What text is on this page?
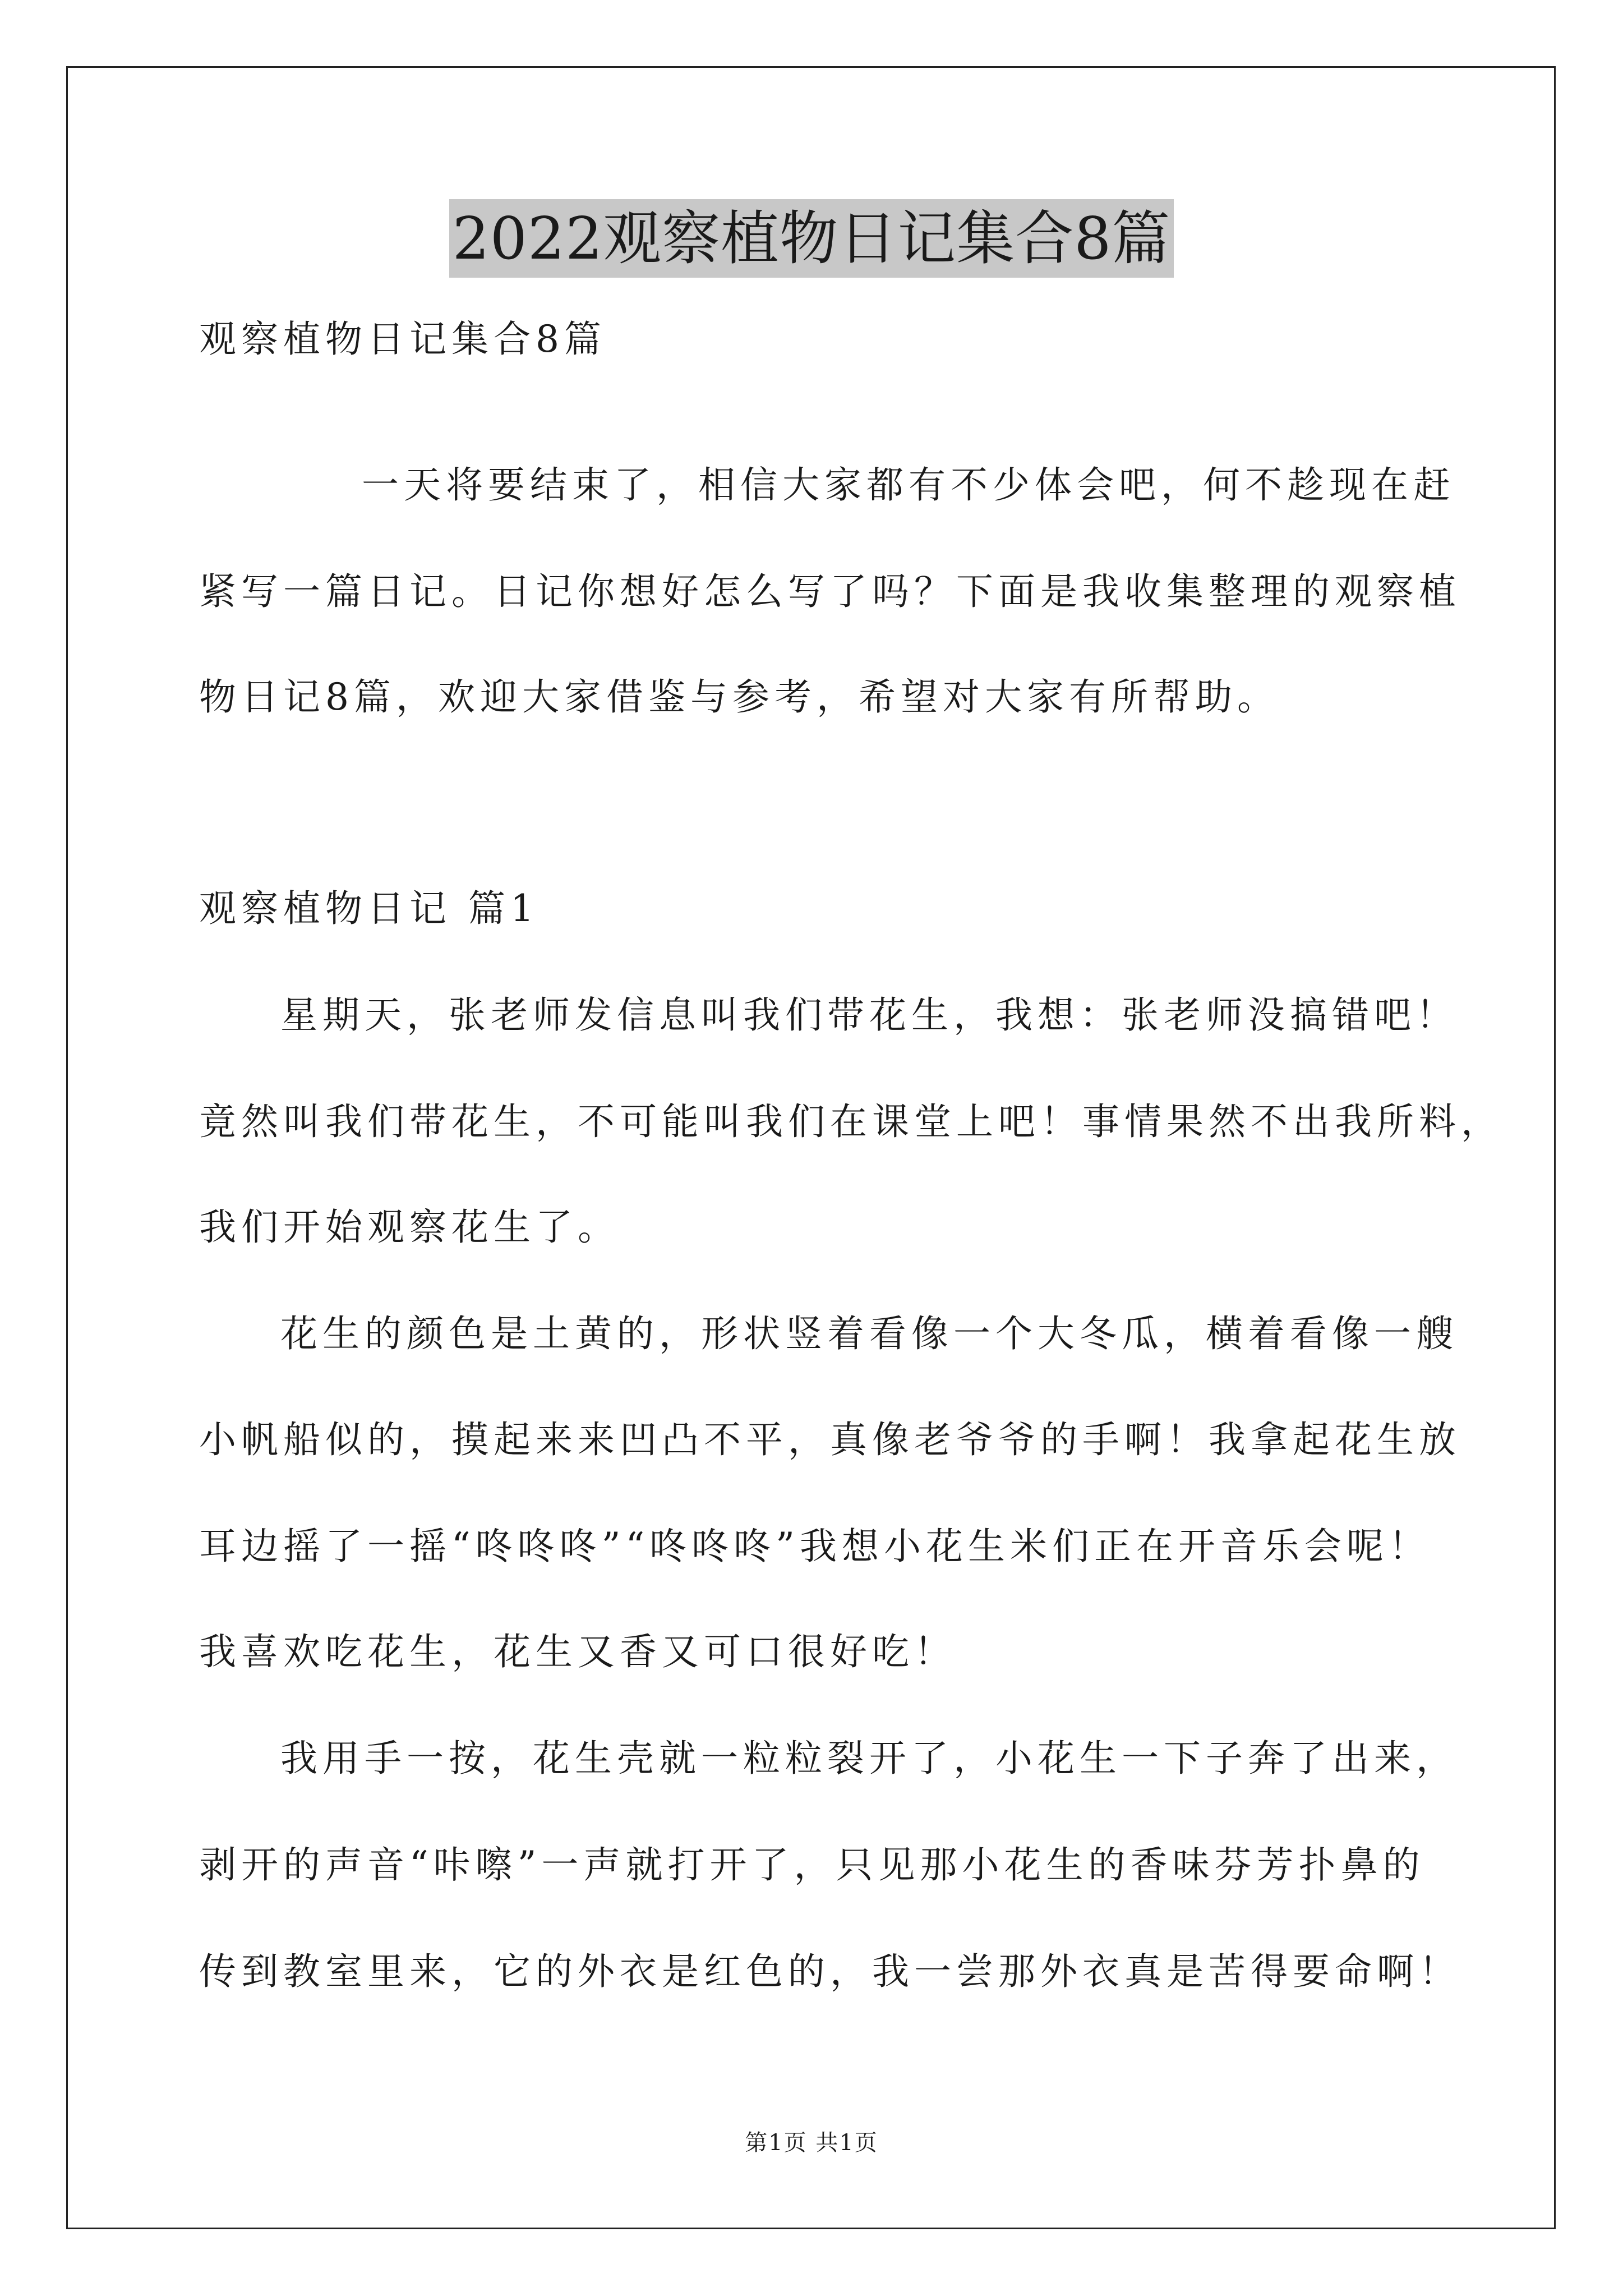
2022观察植物日记集合8篇
观察植物日记集合8篇
一天将要结束了，相信大家都有不少体会吧，何不趁现在赶
紧写一篇日记。日记你想好怎么写了吗？下面是我收集整理的观察植
物日记8篇，欢迎大家借鉴与参考，希望对大家有所帮助。
观察植物日记 篇1
星期天，张老师发信息叫我们带花生，我想：张老师没搞错吧！
竟然叫我们带花生，不可能叫我们在课堂上吧！事情果然不出我所料，
我们开始观察花生了。
花生的颜色是土黄的，形状竖着看像一个大冬瓜，横着看像一艘
小帆船似的，摸起来来凹凸不平，真像老爷爷的手啊！我拿起花生放
耳边摇了一摇“咚咚咚”“咚咚咚”我想小花生米们正在开音乐会呢！
我喜欢吃花生，花生又香又可口很好吃！
我用手一按，花生壳就一粒粒裂开了，小花生一下子奔了出来，
剥开的声音“咔嚓”一声就打开了，只见那小花生的香味芬芳扑鼻的
传到教室里来，它的外衣是红色的，我一尝那外衣真是苦得要命啊！
第1页 共1页
